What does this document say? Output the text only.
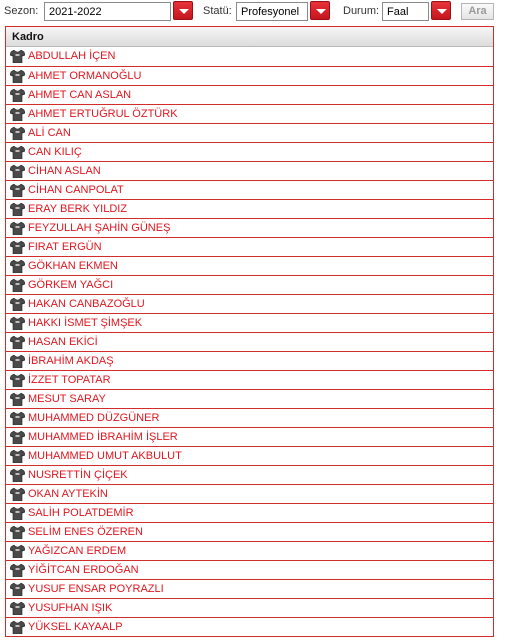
Sezon: 2021-2022	Statü: Profesyonel	Durum: Faal	Ara
Kadro
ABDULLAH İÇEN
AHMET ORMANOĞLU
AHMET CAN ASLAN
AHMET ERTUĞRUL ÖZTÜRK
ALİ CAN
CAN KILIÇ
CİHAN ASLAN
CİHAN CANPOLAT
ERAY BERK YILDIZ
FEYZULLAH ŞAHİN GÜNEŞ
FIRAT ERGÜN
GÖKHAN EKMEN
GÖRKEM YAĞCI
HAKAN CANBAZOĞLU
HAKKI İSMET ŞİMŞEK
HASAN EKİCİ
İBRAHİM AKDAŞ
İZZET TOPATAR
MESUT SARAY
MUHAMMED DÜZGÜNER
MUHAMMED İBRAHİM İŞLER
MUHAMMED UMUT AKBULUT
NUSRETTİN ÇİÇEK
OKAN AYTEKİN
SALİH POLATDEMİR
SELİM ENES ÖZEREN
YAĞIZCAN ERDEM
YİĞİTCAN ERDOĞAN
YUSUF ENSAR POYRAZLI
YUSUFHAN IŞIK
YÜKSEL KAYAALP
